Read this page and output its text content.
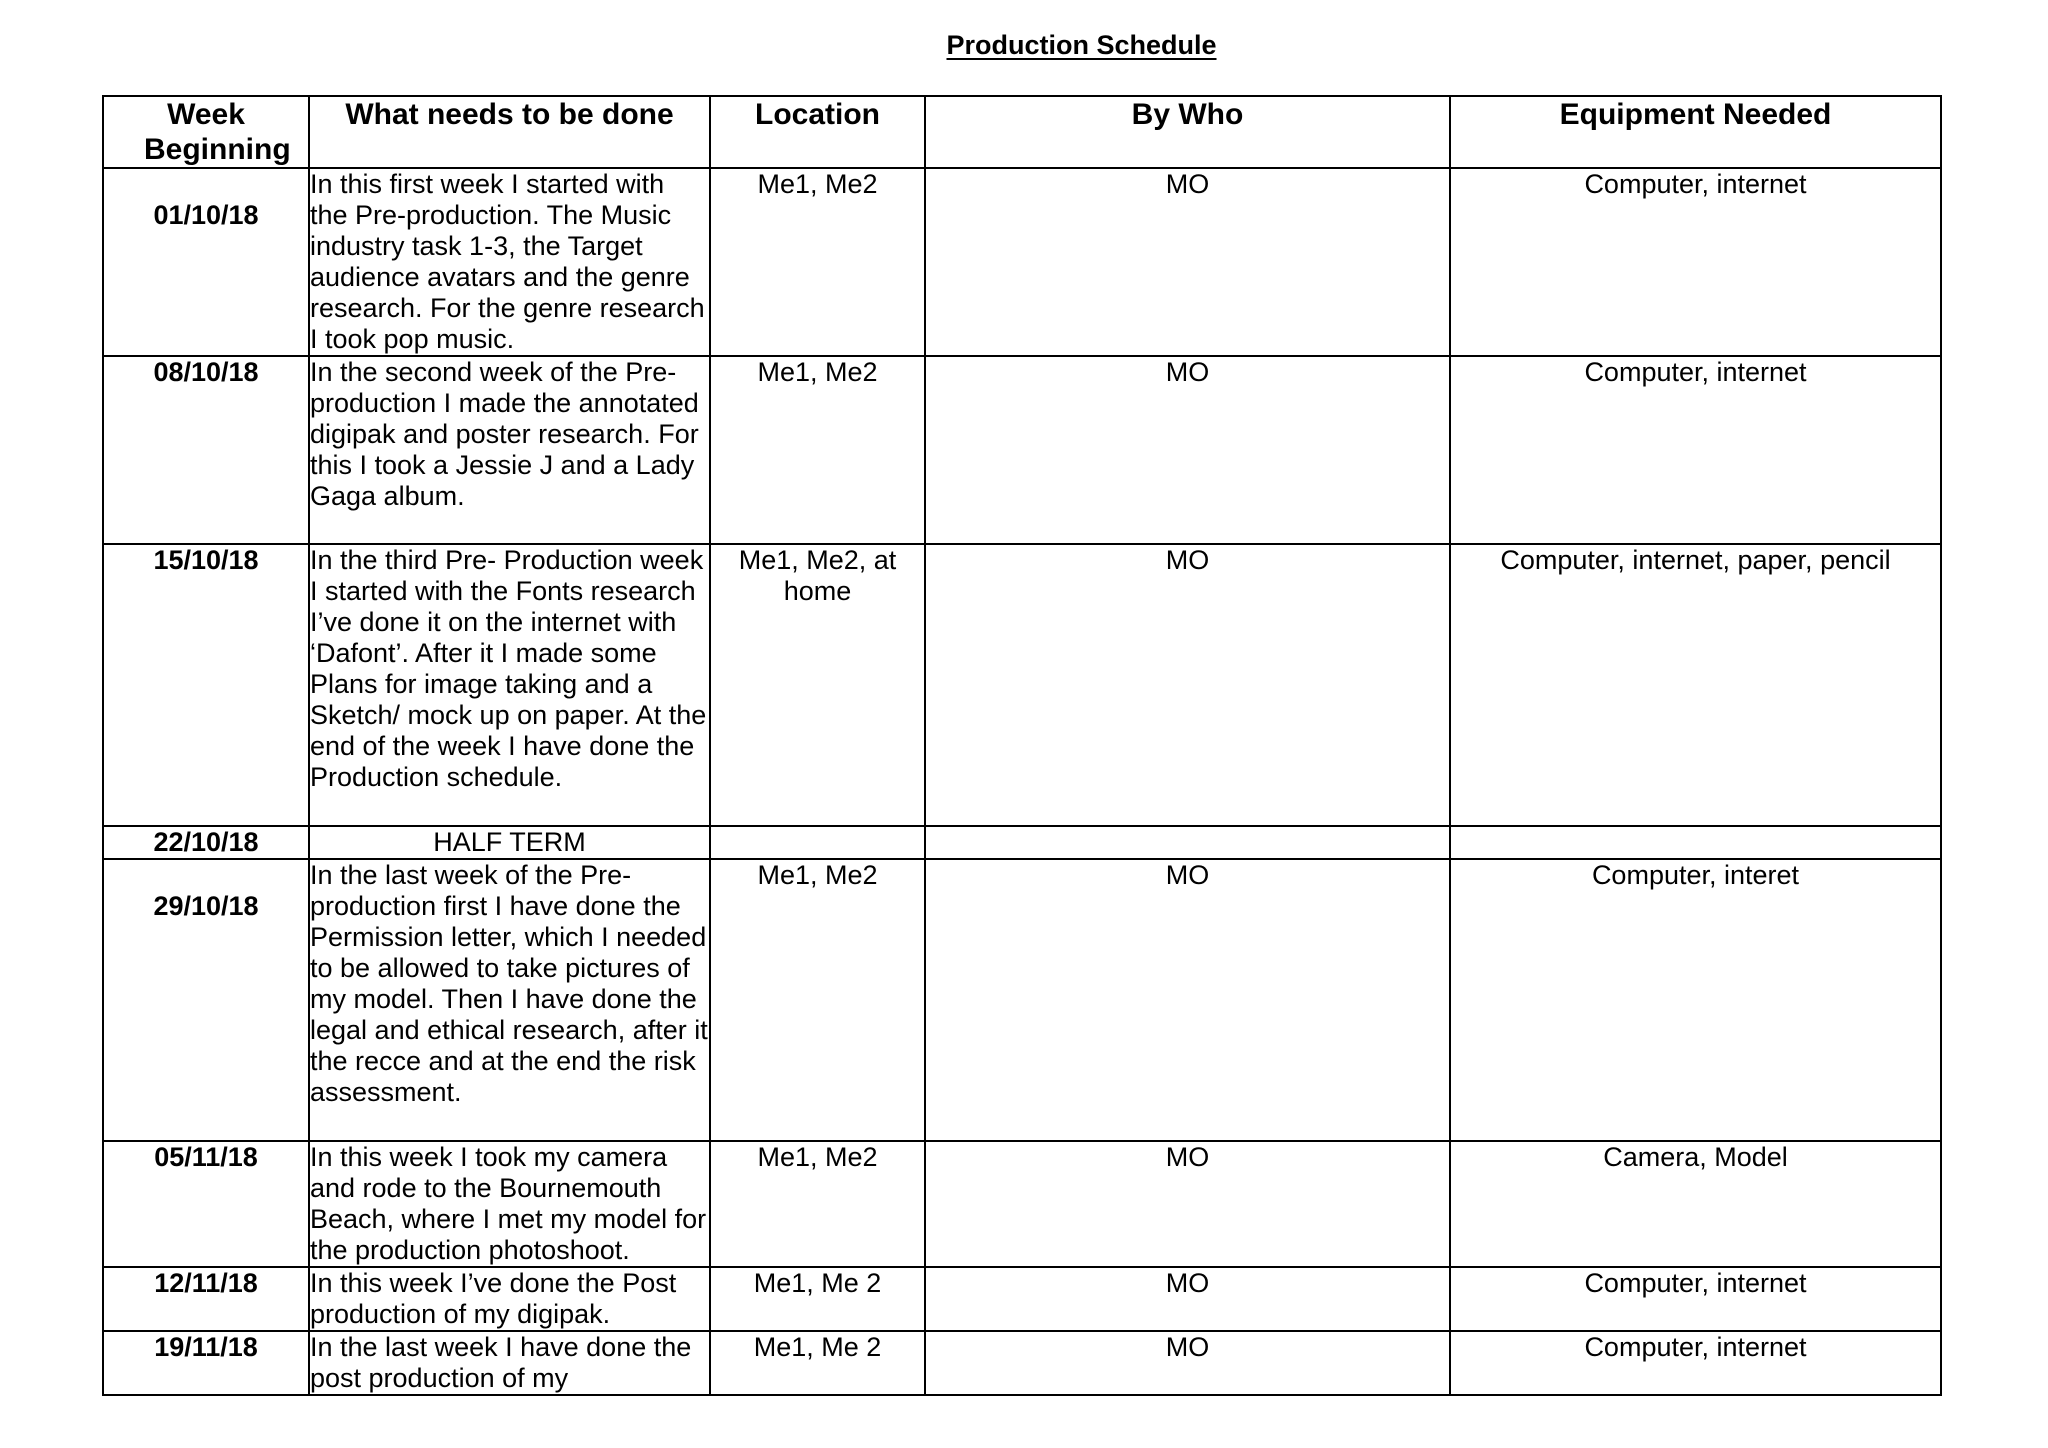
Production Schedule
Week Beginning	What needs to be done	Location	By Who	Equipment Needed
01/10/18	In this first week I started with the Pre-production. The Music industry task 1-3, the Target audience avatars and the genre research. For the genre research I took pop music.	Me1, Me2	MO	Computer, internet
08/10/18	In the second week of the Pre-production I made the annotated digipak and poster research. For this I took a Jessie J and a Lady Gaga album.	Me1, Me2	MO	Computer, internet
15/10/18	In the third Pre- Production week I started with the Fonts research I’ve done it on the internet with ‘Dafont’. After it I made some Plans for image taking and a Sketch/ mock up on paper. At the end of the week I have done the Production schedule.	Me1, Me2, at home	MO	Computer, internet, paper, pencil
22/10/18	HALF TERM			
29/10/18	In the last week of the Pre-production first I have done the Permission letter, which I needed to be allowed to take pictures of my model. Then I have done the legal and ethical research, after it the recce and at the end the risk assessment.	Me1, Me2	MO	Computer, interet
05/11/18	In this week I took my camera and rode to the Bournemouth Beach, where I met my model for the production photoshoot.	Me1, Me2	MO	Camera, Model
12/11/18	In this week I’ve done the Post production of my digipak.	Me1, Me 2	MO	Computer, internet
19/11/18	In the last week I have done the post production of my	Me1, Me 2	MO	Computer, internet
